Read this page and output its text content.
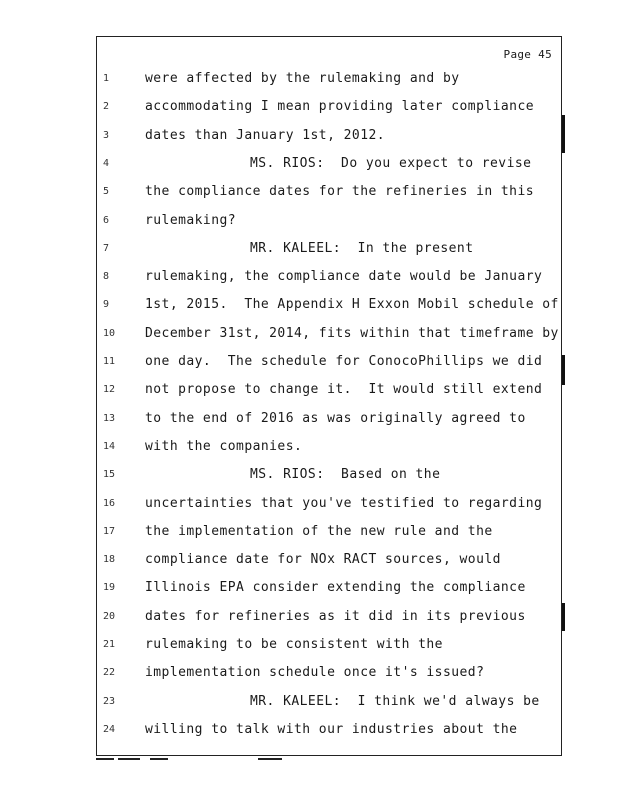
Page 45
1	were affected by the rulemaking and by
2	accommodating I mean providing later compliance
3	dates than January 1st, 2012.
4	MS. RIOS:  Do you expect to revise
5	the compliance dates for the refineries in this
6	rulemaking?
7	MR. KALEEL:  In the present
8	rulemaking, the compliance date would be January
9	1st, 2015.  The Appendix H Exxon Mobil schedule of
10	December 31st, 2014, fits within that timeframe by
11	one day.  The schedule for ConocoPhillips we did
12	not propose to change it.  It would still extend
13	to the end of 2016 as was originally agreed to
14	with the companies.
15	MS. RIOS:  Based on the
16	uncertainties that you've testified to regarding
17	the implementation of the new rule and the
18	compliance date for NOx RACT sources, would
19	Illinois EPA consider extending the compliance
20	dates for refineries as it did in its previous
21	rulemaking to be consistent with the
22	implementation schedule once it's issued?
23	MR. KALEEL:  I think we'd always be
24	willing to talk with our industries about the
